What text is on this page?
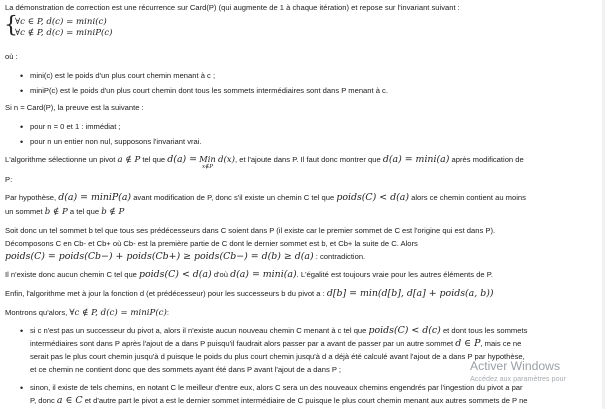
La démonstration de correction est une récurrence sur Card(P) (qui augmente de 1 à chaque itération) et repose sur l'invariant suivant :
{
∀c ∈ P, d(c) = mini(c)
∀c ∉ P, d(c) = miniP(c)
où :
• mini(c) est le poids d'un plus court chemin menant à c ;
• miniP(c) est le poids d'un plus court chemin dont tous les sommets intermédiaires sont dans P menant à c.
Si n = Card(P), la preuve est la suivante :
• pour n = 0 et 1 : immédiat ;
• pour n un entier non nul, supposons l'invariant vrai.
L'algorithme sélectionne un pivot a ∉ P tel que d(a) = Min
x∉P
d(x), et l'ajoute dans P. Il faut donc montrer que d(a) = mini(a) après modification de
P:
Par hypothèse, d(a) = miniP(a) avant modification de P, donc s'il existe un chemin C tel que poids(C) < d(a) alors ce chemin contient au moins
un sommet b ∉ P a tel que b ∉ P
Soit donc un tel sommet b tel que tous ses prédécesseurs dans C soient dans P (il existe car le premier sommet de C est l'origine qui est dans P).
Décomposons C en Cb- et Cb+ où Cb- est la première partie de C dont le dernier sommet est b, et Cb+ la suite de C. Alors
poids(C) = poids(Cb−) + poids(Cb+) ≥ poids(Cb−) = d(b) ≥ d(a) : contradiction.
Il n'existe donc aucun chemin C tel que poids(C) < d(a) d'où d(a) = mini(a). L'égalité est toujours vraie pour les autres éléments de P.
Enfin, l'algorithme met à jour la fonction d (et prédécesseur) pour les successeurs b du pivot a : d[b] = min(d[b], d[a] + poids(a, b))
Montrons qu'alors, ∀c ∉ P, d(c) = miniP(c):
• si c n'est pas un successeur du pivot a, alors il n'existe aucun nouveau chemin C menant à c tel que poids(C) < d(c) et dont tous les sommets
intermédiaires sont dans P après l'ajout de a dans P puisqu'il faudrait alors passer par a avant de passer par un autre sommet d ∈ P, mais ce ne
serait pas le plus court chemin jusqu'à d puisque le poids du plus court chemin jusqu'à d a déjà été calculé avant l'ajout de a dans P par hypothèse,
et ce chemin ne contient donc que des sommets ayant été dans P avant l'ajout de a dans P ;
• sinon, il existe de tels chemins, en notant C le meilleur d'entre eux, alors C sera un des nouveaux chemins engendrés par l'ingestion du pivot a par
P, donc a ∈ C et d'autre part le pivot a est le dernier sommet intermédiaire de C puisque le plus court chemin menant aux autres sommets de P ne
Activer Windows
Accédez aux paramètres pour
